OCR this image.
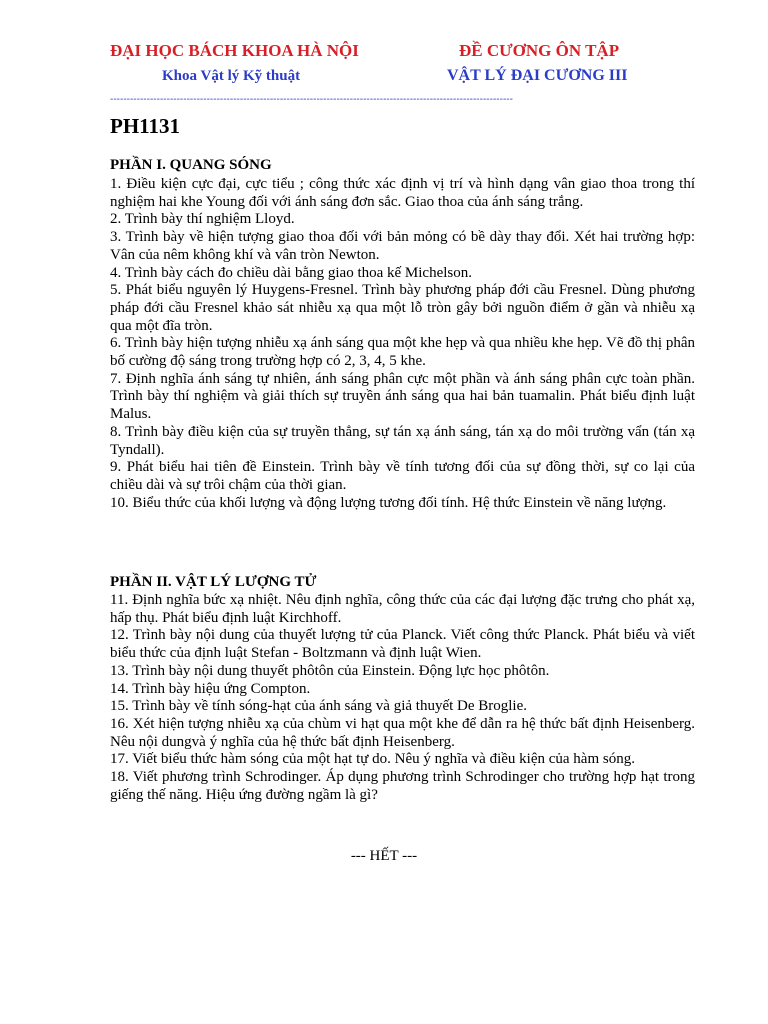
ĐẠI HỌC BÁCH KHOA HÀ NỘI	ĐỀ CƯƠNG ÔN TẬP
Khoa Vật lý Kỹ thuật	VẬT LÝ ĐẠI CƯƠNG III
-------------------------------------------------------------------------------------------------------------------------
PH1131
PHẦN I. QUANG SÓNG
1. Điều kiện cực đại, cực tiểu ; công thức xác định vị trí và hình dạng vân giao thoa trong thí nghiệm hai khe Young đối với ánh sáng đơn sắc. Giao thoa của ánh sáng trắng.
2. Trình bày thí nghiệm Lloyd.
3. Trình bày về hiện tượng giao thoa đối với bản mỏng có bề dày thay đổi. Xét hai trường hợp: Vân của nêm không khí và vân tròn Newton.
4. Trình bày cách đo chiều dài bằng giao thoa kế Michelson.
5. Phát biểu nguyên lý Huygens-Fresnel. Trình bày phương pháp đới cầu Fresnel. Dùng phương pháp đới cầu Fresnel khảo sát nhiễu xạ qua một lỗ tròn gây bởi nguồn điểm ở gần và nhiễu xạ qua một đĩa tròn.
6. Trình bày hiện tượng nhiễu xạ ánh sáng qua một khe hẹp và qua nhiều khe hẹp. Vẽ đồ thị phân bố cường độ sáng trong trường hợp có 2, 3, 4, 5 khe.
7. Định nghĩa ánh sáng tự nhiên, ánh sáng phân cực một phần và ánh sáng phân cực toàn phần. Trình bày thí nghiệm và giải thích sự truyền ánh sáng qua hai bản tuamalin. Phát biểu định luật Malus.
8. Trình bày điều kiện của sự truyền thẳng, sự tán xạ ánh sáng, tán xạ do môi trường vẩn (tán xạ Tyndall).
9. Phát biểu hai tiên đề Einstein. Trình bày về tính tương đối của sự đồng thời, sự co lại của chiều dài và sự trôi chậm của thời gian.
10. Biểu thức của khối lượng và động lượng tương đối tính. Hệ thức Einstein về năng lượng.
PHẦN II. VẬT LÝ LƯỢNG TỬ
11. Định nghĩa bức xạ nhiệt. Nêu định nghĩa, công thức của các đại lượng đặc trưng cho phát xạ, hấp thụ. Phát biểu định luật Kirchhoff.
12. Trình bày nội dung của thuyết lượng tử của Planck. Viết công thức Planck. Phát biểu và viết biểu thức của định luật Stefan - Boltzmann và định luật Wien.
13. Trình bày nội dung thuyết phôtôn của Einstein. Động lực học phôtôn.
14. Trình bày hiệu ứng Compton.
15. Trình bày về tính sóng-hạt của ánh sáng và giả thuyết De Broglie.
16. Xét hiện tượng nhiễu xạ của chùm vi hạt qua một khe để dẫn ra hệ thức bất định Heisenberg. Nêu nội dungvà ý nghĩa của hệ thức bất định Heisenberg.
17. Viết biểu thức hàm sóng của một hạt tự do. Nêu ý nghĩa và điều kiện của hàm sóng.
18. Viết phương trình Schrodinger. Áp dụng phương trình Schrodinger cho trường hợp hạt trong giếng thế năng. Hiệu ứng đường ngầm là gì?
--- HẾT ---
